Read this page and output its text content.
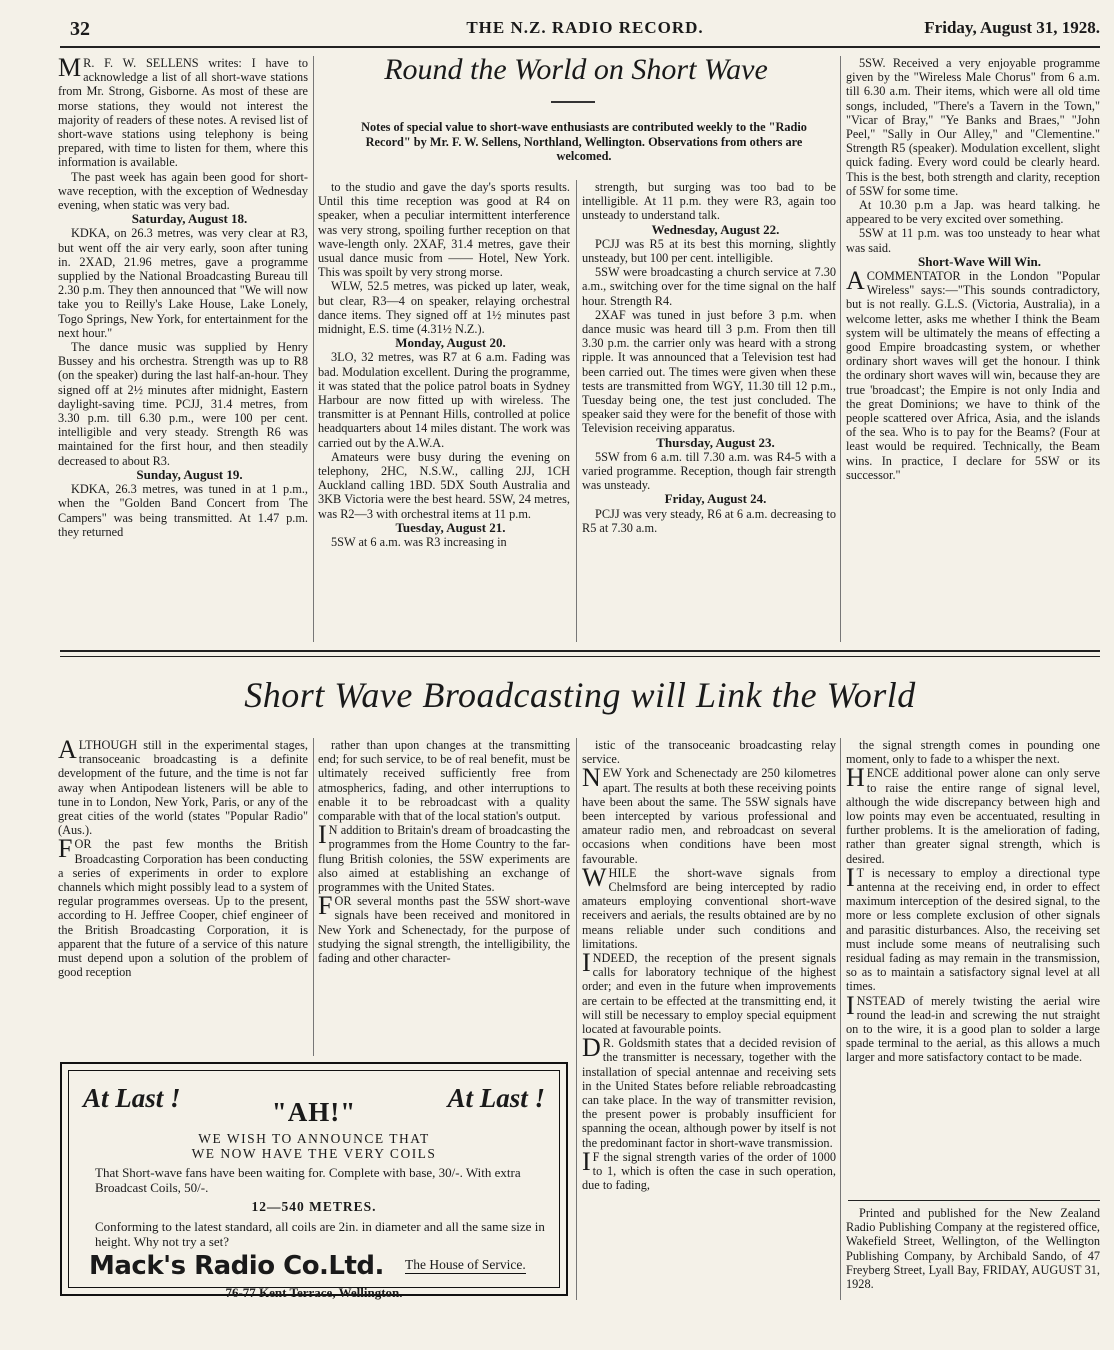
32	THE N.Z. RADIO RECORD.	Friday, August 31, 1928.
Round the World on Short Wave
Notes of special value to short-wave enthusiasts are contributed weekly to the "Radio Record" by Mr. F. W. Sellens, Northland, Wellington. Observations from others are welcomed.

M R. F. W. SELLENS writes: I have to acknowledge a list of all short-wave stations from Mr. Strong, Gisborne. As most of these are morse stations, they would not interest the majority of readers of these notes. A revised list of short-wave stations using telephony is being prepared, with time to listen for them, where this information is available.

The past week has again been good for short-wave reception, with the exception of Wednesday evening, when static was very bad.

Saturday, August 18.

KDKA, on 26.3 metres, was very clear at R3, but went off the air very early, soon after tuning in. 2XAD, 21.96 metres, gave a programme supplied by the National Broadcasting Bureau till 2.30 p.m. They then announced that "We will now take you to Reilly's Lake House, Lake Lonely, Togo Springs, New York, for entertainment for the next hour."

The dance music was supplied by Henry Bussey and his orchestra. Strength was up to R8 (on the speaker) during the last half-an-hour. They signed off at 2½ minutes after midnight, Eastern daylight-saving time. PCJJ, 31.4 metres, from 3.30 p.m. till 6.30 p.m., were 100 per cent. intelligible and very steady. Strength R6 was maintained for the first hour, and then steadily decreased to about R3.

Sunday, August 19.

KDKA, 26.3 metres, was tuned in at 1 p.m., when the "Golden Band Concert from The Campers" was being transmitted. At 1.47 p.m. they returned

to the studio and gave the day's sports results. Until this time reception was good at R4 on speaker, when a peculiar intermittent interference was very strong, spoiling further reception on that wave-length only. 2XAF, 31.4 metres, gave their usual dance music from —— Hotel, New York. This was spoilt by very strong morse.

WLW, 52.5 metres, was picked up later, weak, but clear, R3—4 on speaker, relaying orchestral dance items. They signed off at 1½ minutes past midnight, E.S. time (4.31½ N.Z.).

Monday, August 20.

3LO, 32 metres, was R7 at 6 a.m. Fading was bad. Modulation excellent. During the programme, it was stated that the police patrol boats in Sydney Harbour are now fitted up with wireless. The transmitter is at Pennant Hills, controlled at police headquarters about 14 miles distant. The work was carried out by the A.W.A.

Amateurs were busy during the evening on telephony, 2HC, N.S.W., calling 2JJ, 1CH Auckland calling 1BD. 5DX South Australia and 3KB Victoria were the best heard. 5SW, 24 metres, was R2—3 with orchestral items at 11 p.m.

Tuesday, August 21.

5SW at 6 a.m. was R3 increasing in

strength, but surging was too bad to be intelligible. At 11 p.m. they were R3, again too unsteady to understand talk.

Wednesday, August 22.

PCJJ was R5 at its best this morning, slightly unsteady, but 100 per cent. intelligible.

5SW were broadcasting a church service at 7.30 a.m., switching over for the time signal on the half hour. Strength R4.

2XAF was tuned in just before 3 p.m. when dance music was heard till 3 p.m. From then till 3.30 p.m. the carrier only was heard with a strong ripple. It was announced that a Television test had been carried out. The times were given when these tests are transmitted from WGY, 11.30 till 12 p.m., Tuesday being one, the test just concluded. The speaker said they were for the benefit of those with Television receiving apparatus.

Thursday, August 23.

5SW from 6 a.m. till 7.30 a.m. was R4-5 with a varied programme. Reception, though fair strength was unsteady.

Friday, August 24.

PCJJ was very steady, R6 at 6 a.m. decreasing to R5 at 7.30 a.m.

5SW. Received a very enjoyable programme given by the "Wireless Male Chorus" from 6 a.m. till 6.30 a.m. Their items, which were all old time songs, included, "There's a Tavern in the Town," "Vicar of Bray," "Ye Banks and Braes," "John Peel," "Sally in Our Alley," and "Clementine." Strength R5 (speaker). Modulation excellent, slight quick fading. Every word could be clearly heard. This is the best, both strength and clarity, reception of 5SW for some time.

At 10.30 p.m a Jap. was heard talking. he appeared to be very excited over something.

5SW at 11 p.m. was too unsteady to hear what was said.

Short-Wave Will Win.

A COMMENTATOR in the London "Popular Wireless" says:—"This sounds contradictory, but is not really. G.L.S. (Victoria, Australia), in a welcome letter, asks me whether I think the Beam system will be ultimately the means of effecting a good Empire broadcasting system, or whether ordinary short waves will get the honour. I think the ordinary short waves will win, because they are true 'broadcast'; the Empire is not only India and the great Dominions; we have to think of the people scattered over Africa, Asia, and the islands of the sea. Who is to pay for the Beams? (Four at least would be required. Technically, the Beam wins. In practice, I declare for 5SW or its successor."

Short Wave Broadcasting will Link the World

ALTHOUGH still in the experimental stages, transoceanic broadcasting is a definite development of the future, and the time is not far away when Antipodean listeners will be able to tune in to London, New York, Paris, or any of the great cities of the world (states "Popular Radio" (Aus.).

FOR the past few months the British Broadcasting Corporation has been conducting a series of experiments in order to explore channels which might possibly lead to a system of regular programmes overseas. Up to the present, according to H. Jeffree Cooper, chief engineer of the British Broadcasting Corporation, it is apparent that the future of a service of this nature must depend upon a solution of the problem of good reception

rather than upon changes at the transmitting end; for such service, to be of real benefit, must be ultimately received sufficiently free from atmospherics, fading, and other interruptions to enable it to be rebroadcast with a quality comparable with that of the local station's output.

I N addition to Britain's dream of broadcasting the programmes from the Home Country to the far-flung British colonies, the 5SW experiments are also aimed at establishing an exchange of programmes with the United States.

FOR several months past the 5SW short-wave signals have been received and monitored in New York and Schenectady, for the purpose of studying the signal strength, the intelligibility, the fading and other character-

istic of the transoceanic broadcasting relay service.

NEW York and Schenectady are 250 kilometres apart. The results at both these receiving points have been about the same. The 5SW signals have been intercepted by various professional and amateur radio men, and rebroadcast on several occasions when conditions have been most favourable.

WHILE the short-wave signals from Chelmsford are being intercepted by radio amateurs employing conventional short-wave receivers and aerials, the results obtained are by no means reliable under such conditions and limitations.

INDEED, the reception of the present signals calls for laboratory technique of the highest order; and even in the future when improvements are certain to be effected at the transmitting end, it will still be necessary to employ special equipment located at favourable points.

D R. Goldsmith states that a decided revision of the transmitter is necessary, together with the installation of special antennae and receiving sets in the United States before reliable rebroadcasting can take place. In the way of transmitter revision, the present power is probably insufficient for spanning the ocean, although power by itself is not the predominant factor in short-wave transmission.

I F the signal strength varies of the order of 1000 to 1, which is often the case in such operation, due to fading,

the signal strength comes in pounding one moment, only to fade to a whisper the next.

HENCE additional power alone can only serve to raise the entire range of signal level, although the wide discrepancy between high and low points may even be accentuated, resulting in further problems. It is the amelioration of fading, rather than greater signal strength, which is desired.

I T is necessary to employ a directional type antenna at the receiving end, in order to effect maximum interception of the desired signal, to the more or less complete exclusion of other signals and parasitic disturbances. Also, the receiving set must include some means of neutralising such residual fading as may remain in the transmission, so as to maintain a satisfactory signal level at all times.

INSTEAD of merely twisting the aerial wire round the lead-in and screwing the nut straight on to the wire, it is a good plan to solder a large spade terminal to the aerial, as this allows a much larger and more satisfactory contact to be made.

Printed and published for the New Zealand Radio Publishing Company at the registered office, Wakefield Street, Wellington, of the Wellington Publishing Company, by Archibald Sando, of 47 Freyberg Street, Lyall Bay, FRIDAY, AUGUST 31, 1928.

At Last !	At Last !
"AH!"
WE WISH TO ANNOUNCE THAT
WE NOW HAVE THE VERY COILS
That Short-wave fans have been waiting for. Complete with base, 30/-. With extra Broadcast Coils, 50/-.
12—540 METRES.
Conforming to the latest standard, all coils are 2in. in diameter and all the same size in height. Why not try a set?
Mack's Radio Co.Ltd. The House of Service.
76-77 Kent Terrace, Wellington.
